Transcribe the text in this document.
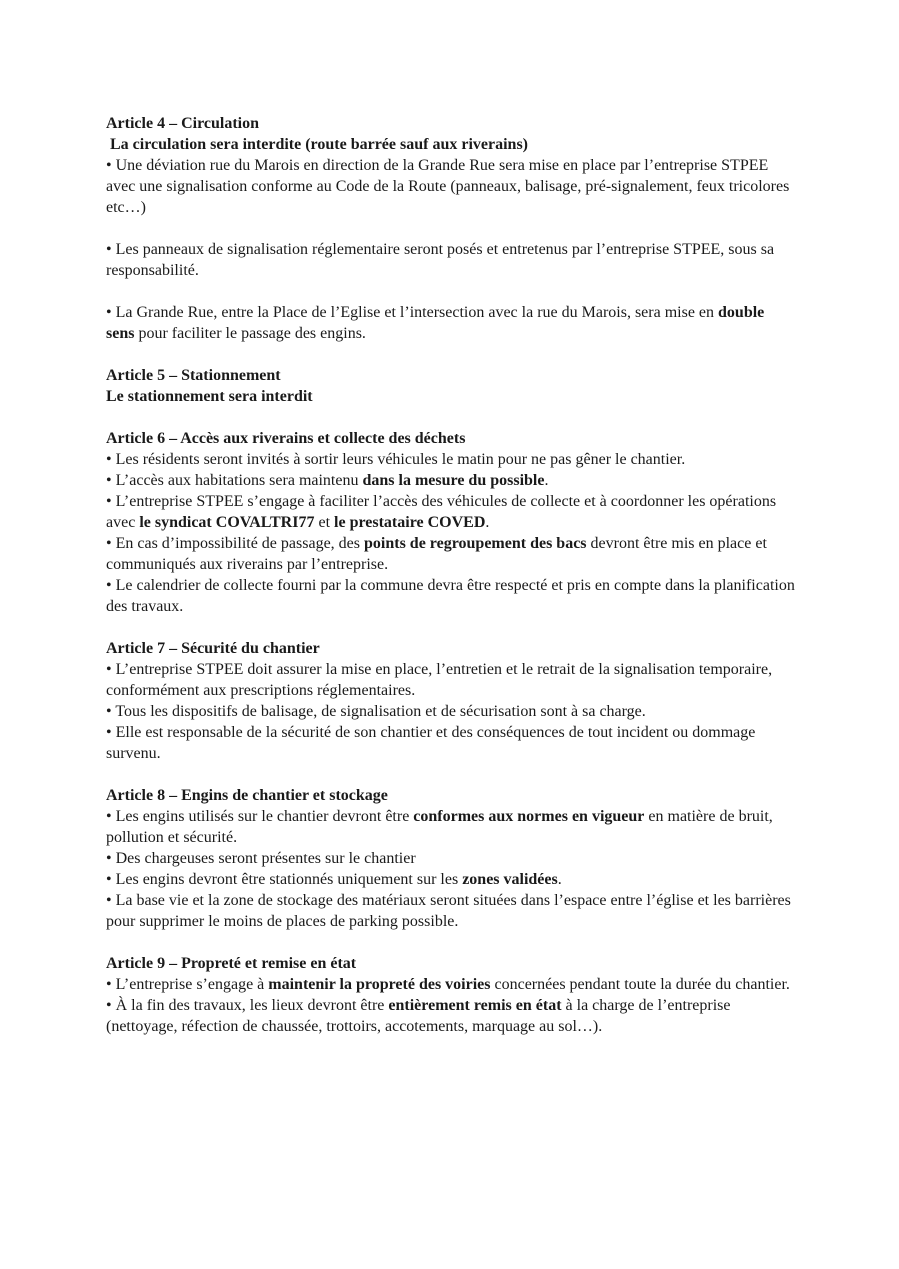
Article 4 – Circulation

La circulation sera interdite (route barrée sauf aux riverains)

• Une déviation rue du Marois en direction de la Grande Rue sera mise en place par l’entreprise STPEE avec une signalisation conforme au Code de la Route (panneaux, balisage, pré-signalement, feux tricolores etc…)

• Les panneaux de signalisation réglementaire seront posés et entretenus par l’entreprise STPEE, sous sa responsabilité.

• La Grande Rue, entre la Place de l’Eglise et l’intersection avec la rue du Marois, sera mise en double sens pour faciliter le passage des engins.

Article 5 – Stationnement

Le stationnement sera interdit

Article 6 – Accès aux riverains et collecte des déchets

• Les résidents seront invités à sortir leurs véhicules le matin pour ne pas gêner le chantier.

• L’accès aux habitations sera maintenu dans la mesure du possible.

• L’entreprise STPEE s’engage à faciliter l’accès des véhicules de collecte et à coordonner les opérations avec le syndicat COVALTRI77 et le prestataire COVED.

• En cas d’impossibilité de passage, des points de regroupement des bacs devront être mis en place et communiqués aux riverains par l’entreprise.

• Le calendrier de collecte fourni par la commune devra être respecté et pris en compte dans la planification des travaux.

Article 7 – Sécurité du chantier

• L’entreprise STPEE doit assurer la mise en place, l’entretien et le retrait de la signalisation temporaire, conformément aux prescriptions réglementaires.

• Tous les dispositifs de balisage, de signalisation et de sécurisation sont à sa charge.

• Elle est responsable de la sécurité de son chantier et des conséquences de tout incident ou dommage survenu.

Article 8 – Engins de chantier et stockage

• Les engins utilisés sur le chantier devront être conformes aux normes en vigueur en matière de bruit, pollution et sécurité.

• Des chargeuses seront présentes sur le chantier

• Les engins devront être stationnés uniquement sur les zones validées.

• La base vie et la zone de stockage des matériaux seront situées dans l’espace entre l’église et les barrières pour supprimer le moins de places de parking possible.

Article 9 – Propreté et remise en état

• L’entreprise s’engage à maintenir la propreté des voiries concernées pendant toute la durée du chantier.

• À la fin des travaux, les lieux devront être entièrement remis en état à la charge de l’entreprise (nettoyage, réfection de chaussée, trottoirs, accotements, marquage au sol…).
